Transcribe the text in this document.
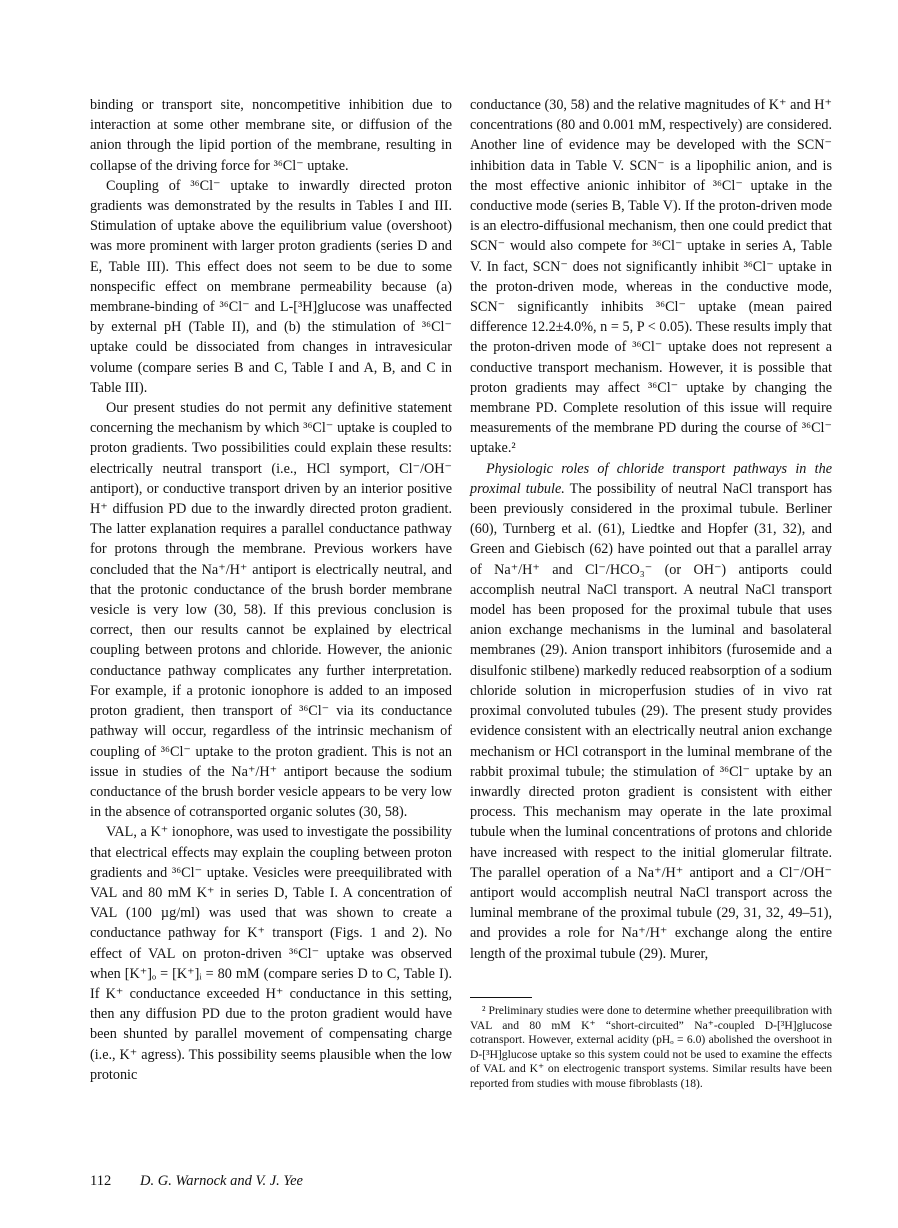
binding or transport site, noncompetitive inhibition due to interaction at some other membrane site, or diffusion of the anion through the lipid portion of the membrane, resulting in collapse of the driving force for ³⁶Cl⁻ uptake.

Coupling of ³⁶Cl⁻ uptake to inwardly directed proton gradients was demonstrated by the results in Tables I and III. Stimulation of uptake above the equilibrium value (overshoot) was more prominent with larger proton gradients (series D and E, Table III). This effect does not seem to be due to some nonspecific effect on membrane permeability because (a) membrane-binding of ³⁶Cl⁻ and L-[³H]glucose was unaffected by external pH (Table II), and (b) the stimulation of ³⁶Cl⁻ uptake could be dissociated from changes in intravesicular volume (compare series B and C, Table I and A, B, and C in Table III).

Our present studies do not permit any definitive statement concerning the mechanism by which ³⁶Cl⁻ uptake is coupled to proton gradients. Two possibilities could explain these results: electrically neutral transport (i.e., HCl symport, Cl⁻/OH⁻ antiport), or conductive transport driven by an interior positive H⁺ diffusion PD due to the inwardly directed proton gradient. The latter explanation requires a parallel conductance pathway for protons through the membrane. Previous workers have concluded that the Na⁺/H⁺ antiport is electrically neutral, and that the protonic conductance of the brush border membrane vesicle is very low (30, 58). If this previous conclusion is correct, then our results cannot be explained by electrical coupling between protons and chloride. However, the anionic conductance pathway complicates any further interpretation. For example, if a protonic ionophore is added to an imposed proton gradient, then transport of ³⁶Cl⁻ via its conductance pathway will occur, regardless of the intrinsic mechanism of coupling of ³⁶Cl⁻ uptake to the proton gradient. This is not an issue in studies of the Na⁺/H⁺ antiport because the sodium conductance of the brush border vesicle appears to be very low in the absence of cotransported organic solutes (30, 58).

VAL, a K⁺ ionophore, was used to investigate the possibility that electrical effects may explain the coupling between proton gradients and ³⁶Cl⁻ uptake. Vesicles were preequilibrated with VAL and 80 mM K⁺ in series D, Table I. A concentration of VAL (100 µg/ml) was used that was shown to create a conductance pathway for K⁺ transport (Figs. 1 and 2). No effect of VAL on proton-driven ³⁶Cl⁻ uptake was observed when [K⁺]ₒ = [K⁺]ᵢ = 80 mM (compare series D to C, Table I). If K⁺ conductance exceeded H⁺ conductance in this setting, then any diffusion PD due to the proton gradient would have been shunted by parallel movement of compensating charge (i.e., K⁺ agress). This possibility seems plausible when the low protonic

conductance (30, 58) and the relative magnitudes of K⁺ and H⁺ concentrations (80 and 0.001 mM, respectively) are considered. Another line of evidence may be developed with the SCN⁻ inhibition data in Table V. SCN⁻ is a lipophilic anion, and is the most effective anionic inhibitor of ³⁶Cl⁻ uptake in the conductive mode (series B, Table V). If the proton-driven mode is an electro-diffusional mechanism, then one could predict that SCN⁻ would also compete for ³⁶Cl⁻ uptake in series A, Table V. In fact, SCN⁻ does not significantly inhibit ³⁶Cl⁻ uptake in the proton-driven mode, whereas in the conductive mode, SCN⁻ significantly inhibits ³⁶Cl⁻ uptake (mean paired difference 12.2±4.0%, n = 5, P < 0.05). These results imply that the proton-driven mode of ³⁶Cl⁻ uptake does not represent a conductive transport mechanism. However, it is possible that proton gradients may affect ³⁶Cl⁻ uptake by changing the membrane PD. Complete resolution of this issue will require measurements of the membrane PD during the course of ³⁶Cl⁻ uptake.²

Physiologic roles of chloride transport pathways in the proximal tubule. The possibility of neutral NaCl transport has been previously considered in the proximal tubule. Berliner (60), Turnberg et al. (61), Liedtke and Hopfer (31, 32), and Green and Giebisch (62) have pointed out that a parallel array of Na⁺/H⁺ and Cl⁻/HCO₃⁻ (or OH⁻) antiports could accomplish neutral NaCl transport. A neutral NaCl transport model has been proposed for the proximal tubule that uses anion exchange mechanisms in the luminal and basolateral membranes (29). Anion transport inhibitors (furosemide and a disulfonic stilbene) markedly reduced reabsorption of a sodium chloride solution in microperfusion studies of in vivo rat proximal convoluted tubules (29). The present study provides evidence consistent with an electrically neutral anion exchange mechanism or HCl cotransport in the luminal membrane of the rabbit proximal tubule; the stimulation of ³⁶Cl⁻ uptake by an inwardly directed proton gradient is consistent with either process. This mechanism may operate in the late proximal tubule when the luminal concentrations of protons and chloride have increased with respect to the initial glomerular filtrate. The parallel operation of a Na⁺/H⁺ antiport and a Cl⁻/OH⁻ antiport would accomplish neutral NaCl transport across the luminal membrane of the proximal tubule (29, 31, 32, 49–51), and provides a role for Na⁺/H⁺ exchange along the entire length of the proximal tubule (29). Murer,

² Preliminary studies were done to determine whether preequilibration with VAL and 80 mM K⁺ “short-circuited” Na⁺-coupled D-[³H]glucose cotransport. However, external acidity (pHₒ = 6.0) abolished the overshoot in D-[³H]glucose uptake so this system could not be used to examine the effects of VAL and K⁺ on electrogenic transport systems. Similar results have been reported from studies with mouse fibroblasts (18).

112 D. G. Warnock and V. J. Yee
